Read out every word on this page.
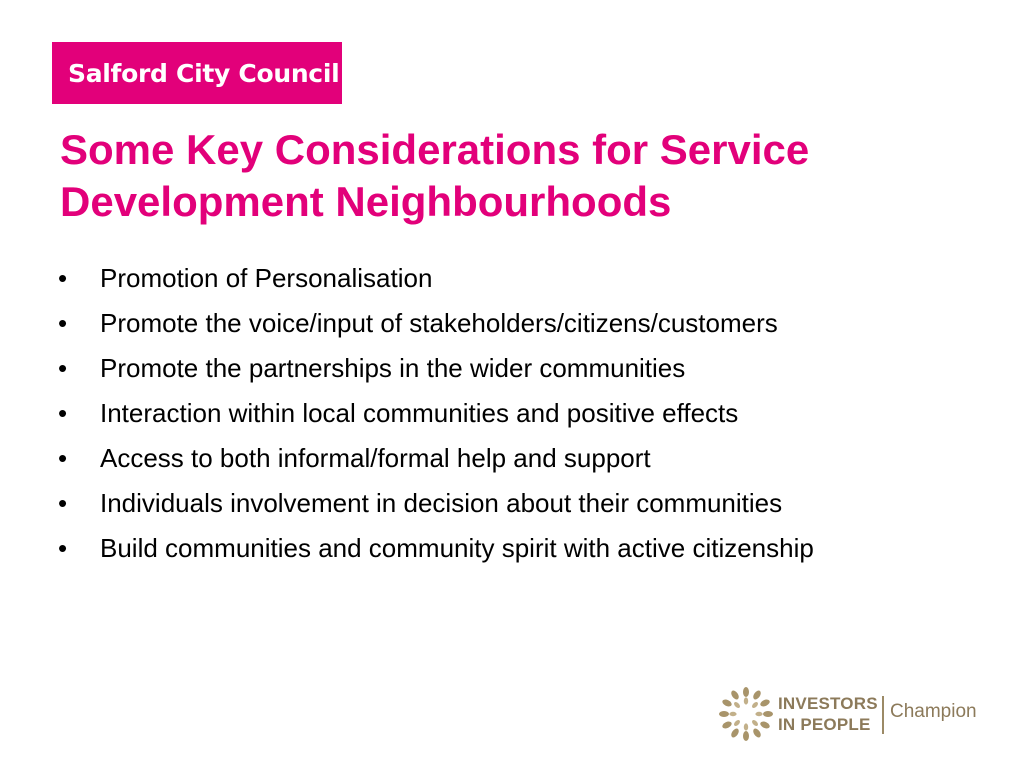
Salford City Council
Some Key Considerations for Service
Development Neighbourhoods
•	Promotion of Personalisation
•	Promote the voice/input of stakeholders/citizens/customers
•	Promote the partnerships in the wider communities
•	Interaction within local communities and positive effects
•	Access to both informal/formal help and support
•	Individuals involvement in decision about their communities
•	Build communities and community spirit with active citizenship
INVESTORS
IN PEOPLE
Champion
